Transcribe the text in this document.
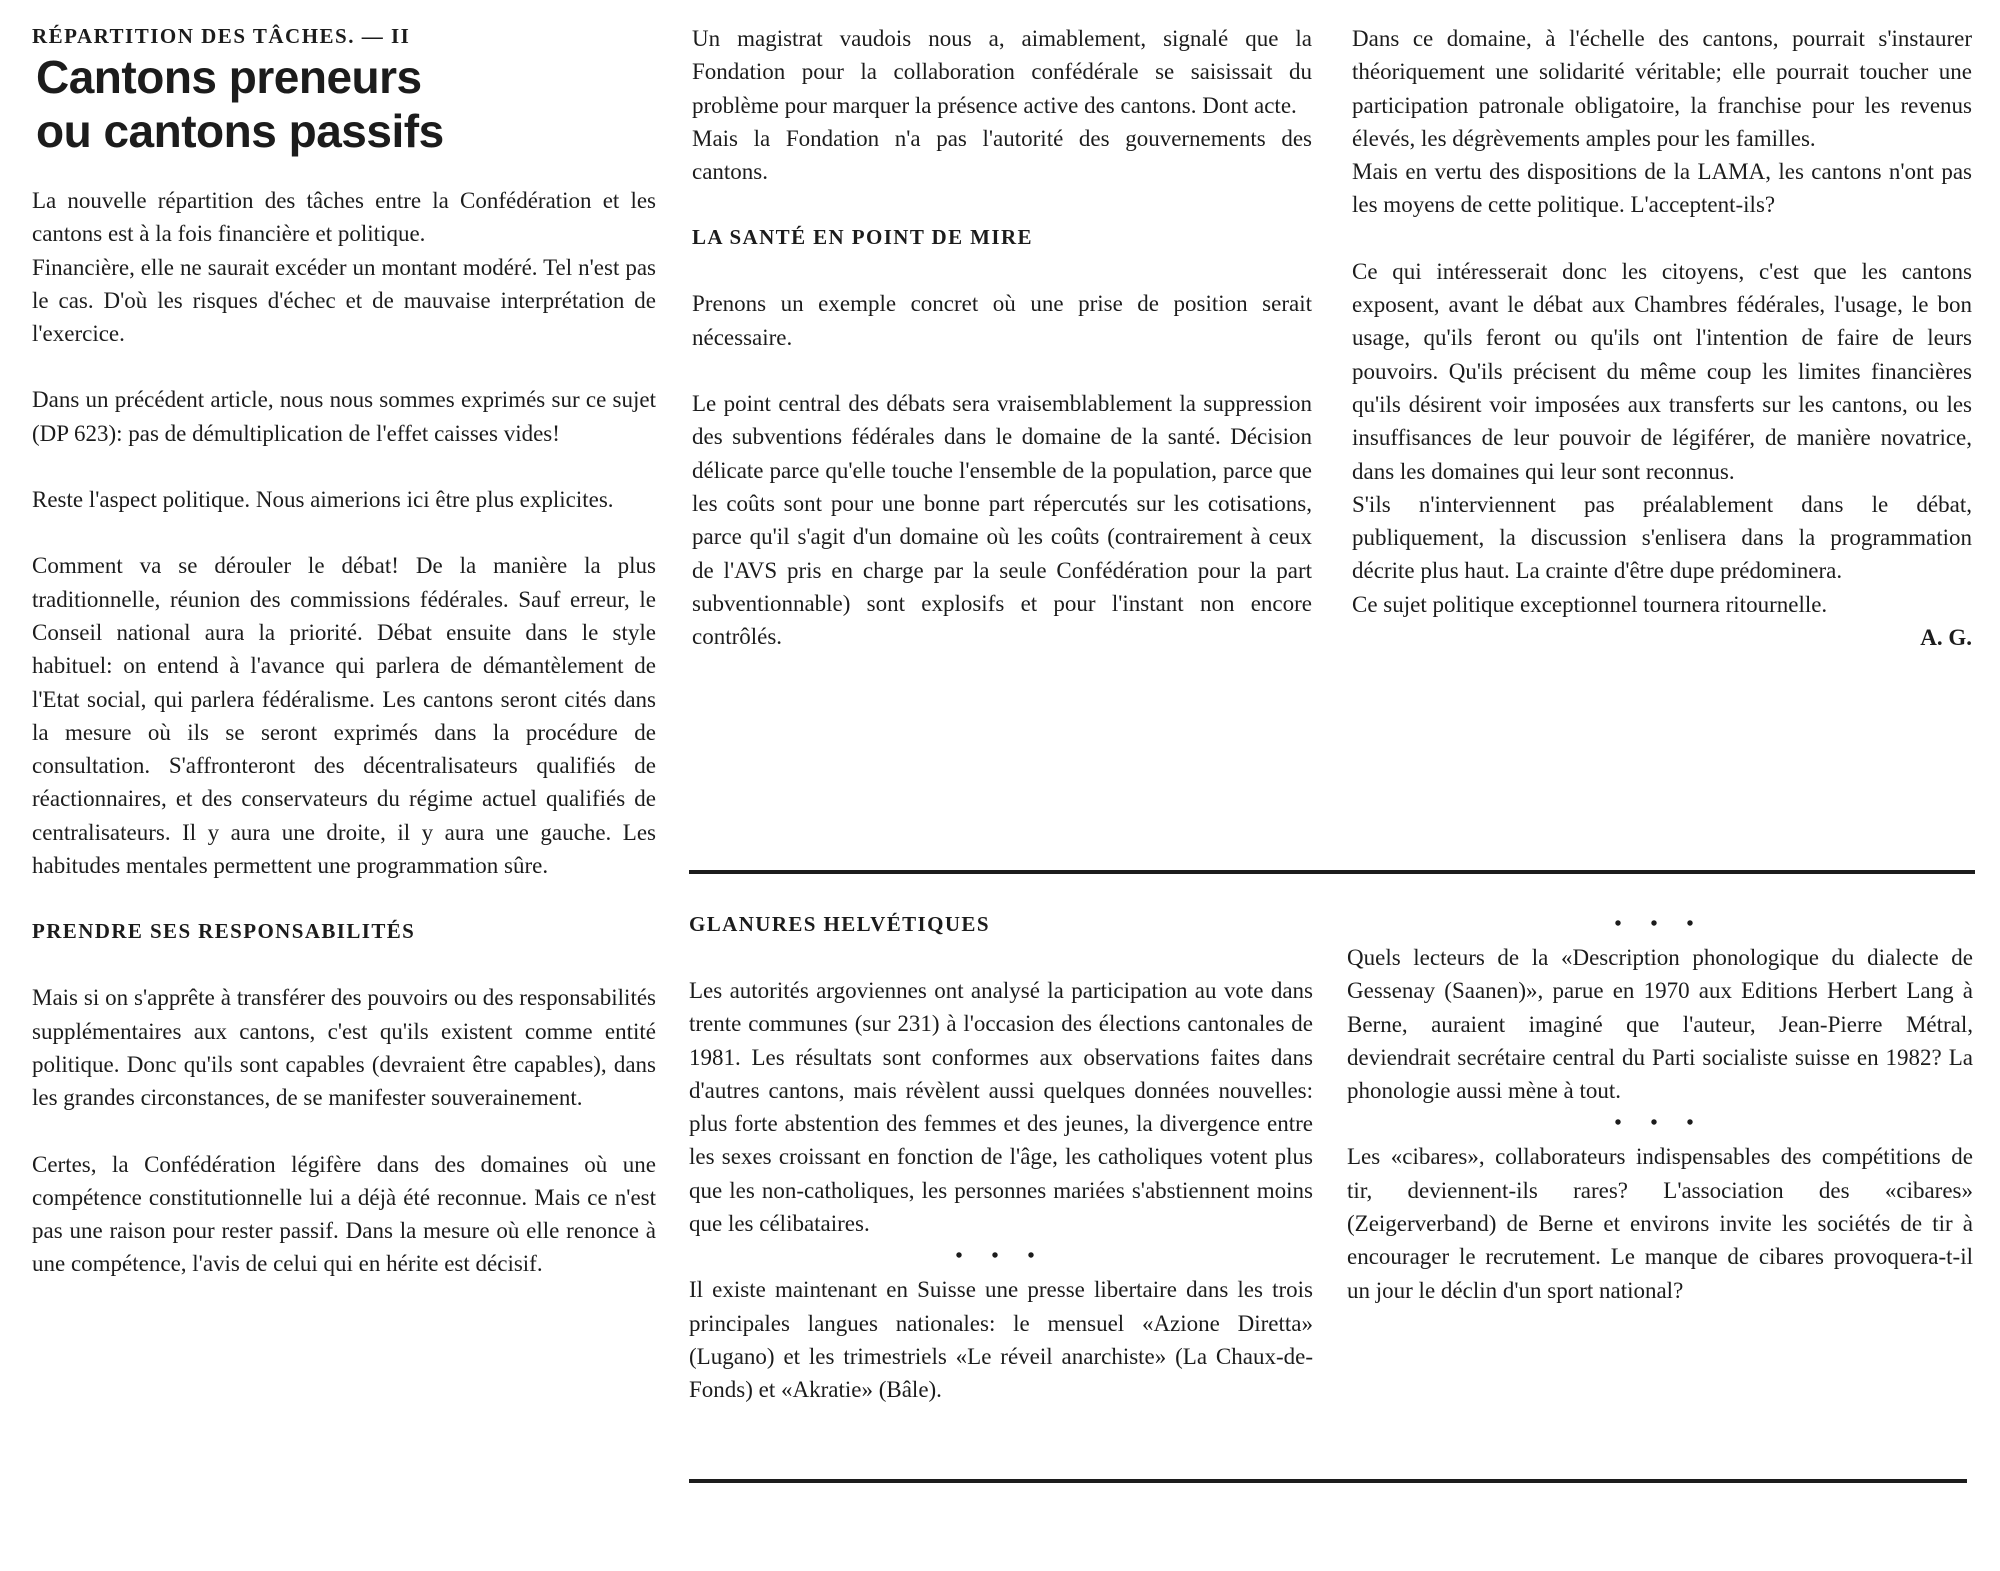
RÉPARTITION DES TÂCHES. — II

Cantons preneurs
ou cantons passifs

La nouvelle répartition des tâches entre la Confédération et les cantons est à la fois financière et politique.

Financière, elle ne saurait excéder un montant modéré. Tel n'est pas le cas. D'où les risques d'échec et de mauvaise interprétation de l'exercice.

Dans un précédent article, nous nous sommes exprimés sur ce sujet (DP 623): pas de démultiplication de l'effet caisses vides!

Reste l'aspect politique. Nous aimerions ici être plus explicites.

Comment va se dérouler le débat! De la manière la plus traditionnelle, réunion des commissions fédérales. Sauf erreur, le Conseil national aura la priorité. Débat ensuite dans le style habituel: on entend à l'avance qui parlera de démantèlement de l'Etat social, qui parlera fédéralisme. Les cantons seront cités dans la mesure où ils se seront exprimés dans la procédure de consultation. S'affronteront des décentralisateurs qualifiés de réactionnaires, et des conservateurs du régime actuel qualifiés de centralisateurs. Il y aura une droite, il y aura une gauche. Les habitudes mentales permettent une programmation sûre.

PRENDRE SES RESPONSABILITÉS

Mais si on s'apprête à transférer des pouvoirs ou des responsabilités supplémentaires aux cantons, c'est qu'ils existent comme entité politique. Donc qu'ils sont capables (devraient être capables), dans les grandes circonstances, de se manifester souverainement.

Certes, la Confédération légifère dans des domaines où une compétence constitutionnelle lui a déjà été reconnue. Mais ce n'est pas une raison pour rester passif. Dans la mesure où elle renonce à une compétence, l'avis de celui qui en hérite est décisif.

Un magistrat vaudois nous a, aimablement, signalé que la Fondation pour la collaboration confédérale se saisissait du problème pour marquer la présence active des cantons. Dont acte.

Mais la Fondation n'a pas l'autorité des gouvernements des cantons.

LA SANTÉ EN POINT DE MIRE

Prenons un exemple concret où une prise de position serait nécessaire.

Le point central des débats sera vraisemblablement la suppression des subventions fédérales dans le domaine de la santé. Décision délicate parce qu'elle touche l'ensemble de la population, parce que les coûts sont pour une bonne part répercutés sur les cotisations, parce qu'il s'agit d'un domaine où les coûts (contrairement à ceux de l'AVS pris en charge par la seule Confédération pour la part subventionnable) sont explosifs et pour l'instant non encore contrôlés.

Dans ce domaine, à l'échelle des cantons, pourrait s'instaurer théoriquement une solidarité véritable; elle pourrait toucher une participation patronale obligatoire, la franchise pour les revenus élevés, les dégrèvements amples pour les familles.

Mais en vertu des dispositions de la LAMA, les cantons n'ont pas les moyens de cette politique. L'acceptent-ils?

Ce qui intéresserait donc les citoyens, c'est que les cantons exposent, avant le débat aux Chambres fédérales, l'usage, le bon usage, qu'ils feront ou qu'ils ont l'intention de faire de leurs pouvoirs. Qu'ils précisent du même coup les limites financières qu'ils désirent voir imposées aux transferts sur les cantons, ou les insuffisances de leur pouvoir de légiférer, de manière novatrice, dans les domaines qui leur sont reconnus.

S'ils n'interviennent pas préalablement dans le débat, publiquement, la discussion s'enlisera dans la programmation décrite plus haut. La crainte d'être dupe prédominera.

Ce sujet politique exceptionnel tournera ritournelle.

A. G.

GLANURES HELVÉTIQUES

Les autorités argoviennes ont analysé la participation au vote dans trente communes (sur 231) à l'occasion des élections cantonales de 1981. Les résultats sont conformes aux observations faites dans d'autres cantons, mais révèlent aussi quelques données nouvelles: plus forte abstention des femmes et des jeunes, la divergence entre les sexes croissant en fonction de l'âge, les catholiques votent plus que les non-catholiques, les personnes mariées s'abstiennent moins que les célibataires.

• • •

Il existe maintenant en Suisse une presse libertaire dans les trois principales langues nationales: le mensuel «Azione Diretta» (Lugano) et les trimestriels «Le réveil anarchiste» (La Chaux-de-Fonds) et «Akratie» (Bâle).

• • •

Quels lecteurs de la «Description phonologique du dialecte de Gessenay (Saanen)», parue en 1970 aux Editions Herbert Lang à Berne, auraient imaginé que l'auteur, Jean-Pierre Métral, deviendrait secrétaire central du Parti socialiste suisse en 1982? La phonologie aussi mène à tout.

• • •

Les «cibares», collaborateurs indispensables des compétitions de tir, deviennent-ils rares? L'association des «cibares» (Zeigerverband) de Berne et environs invite les sociétés de tir à encourager le recrutement. Le manque de cibares provoquera-t-il un jour le déclin d'un sport national?
